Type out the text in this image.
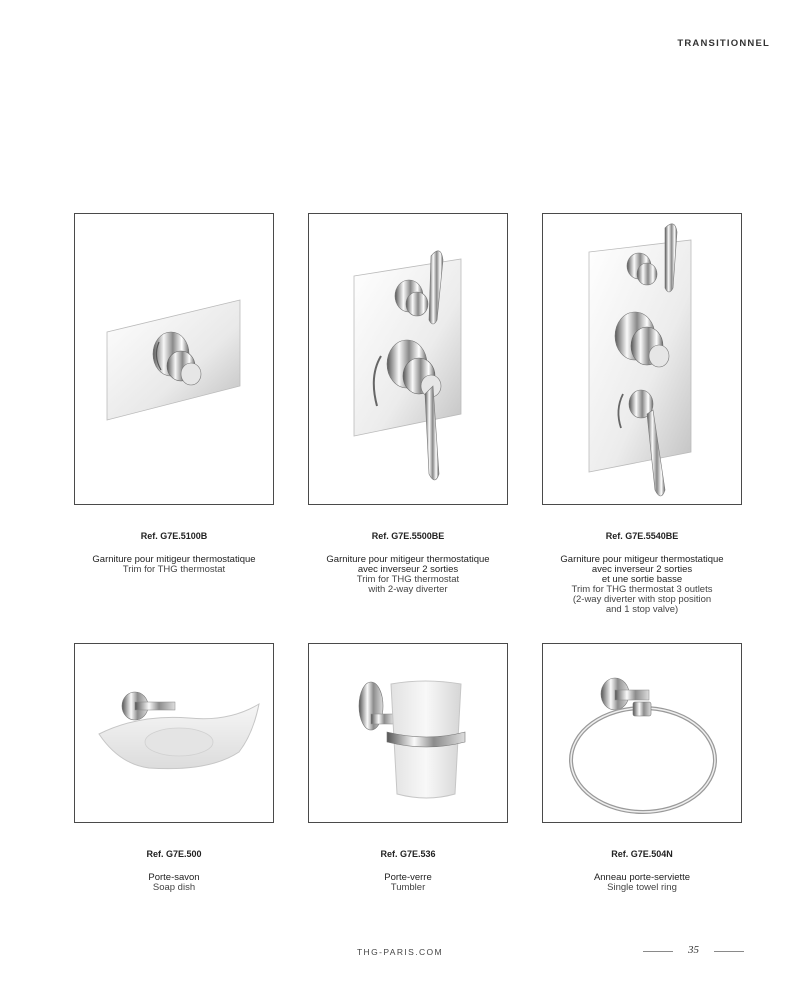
TRANSITIONNEL
Ref. G7E.5100B
Garniture pour mitigeur thermostatique
Trim for THG thermostat
Ref. G7E.5500BE
Garniture pour mitigeur thermostatique
avec inverseur 2 sorties
Trim for THG thermostat
with 2-way diverter
Ref. G7E.5540BE
Garniture pour mitigeur thermostatique
avec inverseur 2 sorties
et une sortie basse
Trim for THG thermostat 3 outlets
(2-way diverter with stop position
and 1 stop valve)
Ref. G7E.500
Porte-savon
Soap dish
Ref. G7E.536
Porte-verre
Tumbler
Ref. G7E.504N
Anneau porte-serviette
Single towel ring
THG-PARIS.COM	35
